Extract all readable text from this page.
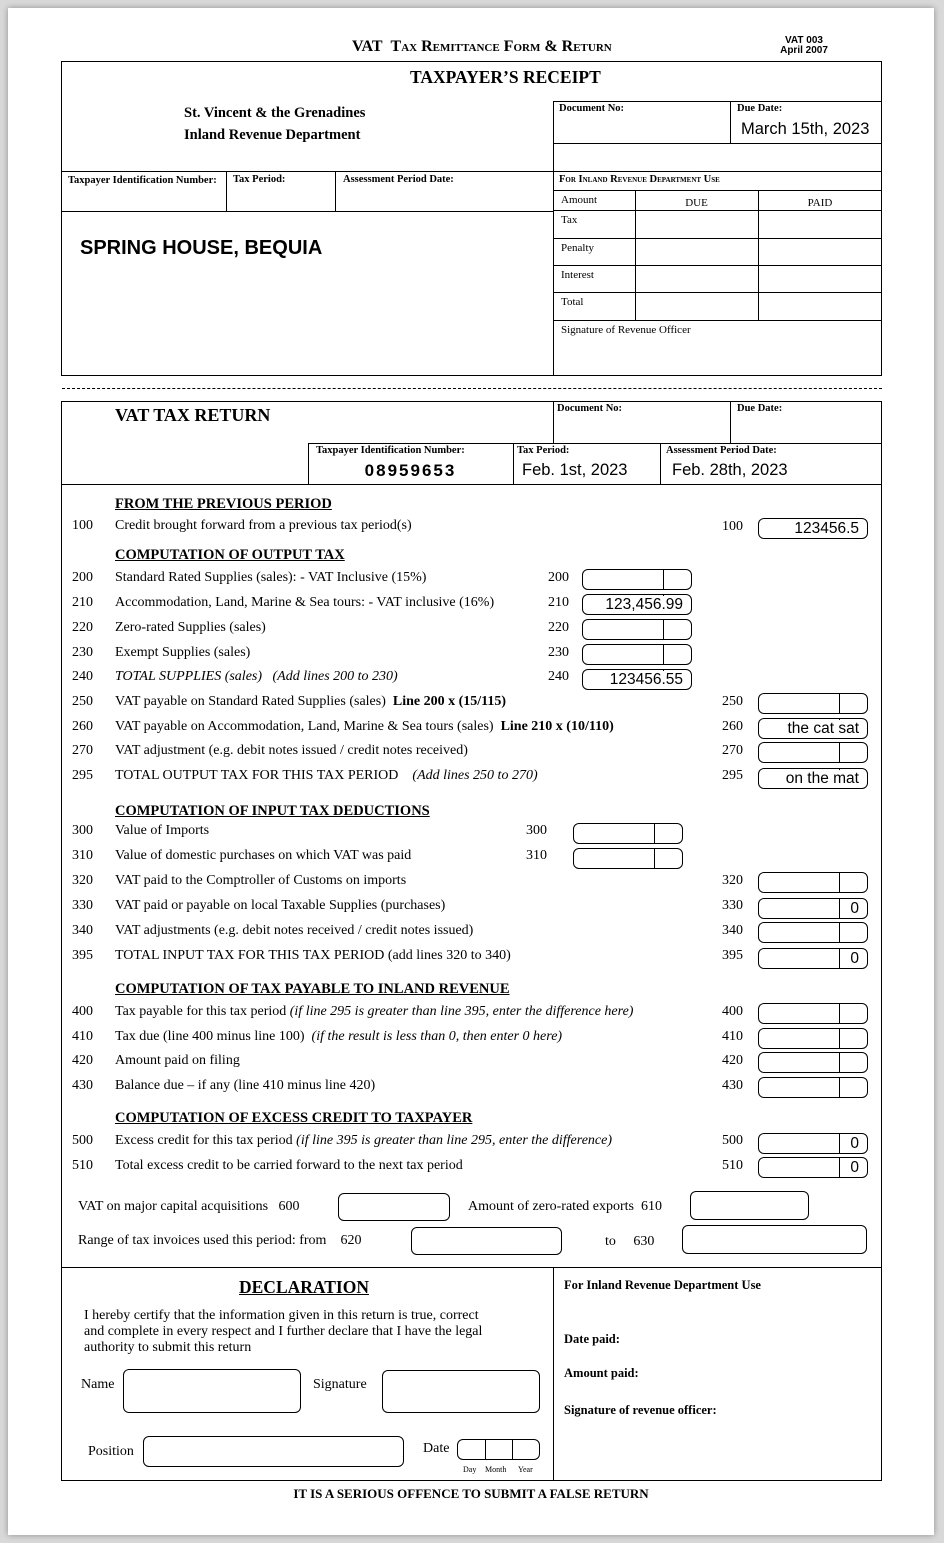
VAT Tax Remittance Form & Return	VAT 003
April 2007
TAXPAYER’S RECEIPT
St. Vincent & the Grenadines
Inland Revenue Department
Document No:	Due Date:
March 15th, 2023
Taxpayer Identification Number: Tax Period:	Assessment Period Date:	For Inland Revenue Department Use
Amount	DUE	PAID
Tax
Penalty
Interest
Total
Signature of Revenue Officer
SPRING HOUSE, BEQUIA
VAT TAX RETURN	Document No:	Due Date:
Taxpayer Identification Number:
08959653
Tax Period:
Feb. 1st, 2023
Assessment Period Date:
Feb. 28th, 2023
FROM THE PREVIOUS PERIOD
100	Credit brought forward from a previous tax period(s)	100	123456.5
COMPUTATION OF OUTPUT TAX
200	Standard Rated Supplies (sales): - VAT Inclusive (15%)	200
210	Accommodation, Land, Marine & Sea tours: - VAT inclusive (16%)	210	123,456.99
220	Zero-rated Supplies (sales)	220
230	Exempt Supplies (sales)	230
240	TOTAL SUPPLIES (sales) (Add lines 200 to 230)	240	123456.55
250	VAT payable on Standard Rated Supplies (sales) Line 200 x (15/115)	250
260	VAT payable on Accommodation, Land, Marine & Sea tours (sales) Line 210 x (10/110)	260	the cat sat
270	VAT adjustment (e.g. debit notes issued / credit notes received)	270
295	TOTAL OUTPUT TAX FOR THIS TAX PERIOD (Add lines 250 to 270)	295	on the mat
COMPUTATION OF INPUT TAX DEDUCTIONS
300	Value of Imports	300
310	Value of domestic purchases on which VAT was paid	310
320	VAT paid to the Comptroller of Customs on imports	320
330	VAT paid or payable on local Taxable Supplies (purchases)	330	0
340	VAT adjustments (e.g. debit notes received / credit notes issued)	340
395	TOTAL INPUT TAX FOR THIS TAX PERIOD (add lines 320 to 340)	395	0
COMPUTATION OF TAX PAYABLE TO INLAND REVENUE
400	Tax payable for this tax period (if line 295 is greater than line 395, enter the difference here)	400
410	Tax due (line 400 minus line 100) (if the result is less than 0, then enter 0 here)	410
420	Amount paid on filing	420
430	Balance due – if any (line 410 minus line 420)	430
COMPUTATION OF EXCESS CREDIT TO TAXPAYER
500	Excess credit for this tax period (if line 395 is greater than line 295, enter the difference)	500	0
510	Total excess credit to be carried forward to the next tax period	510	0
VAT on major capital acquisitions 600	Amount of zero-rated exports 610
Range of tax invoices used this period: from 620	to 630
DECLARATION
I hereby certify that the information given in this return is true, correct
and complete in every respect and I further declare that I have the legal
authority to submit this return
Name	Signature
Position	Date
Day Month Year
For Inland Revenue Department Use
Date paid:
Amount paid:
Signature of revenue officer:
IT IS A SERIOUS OFFENCE TO SUBMIT A FALSE RETURN
